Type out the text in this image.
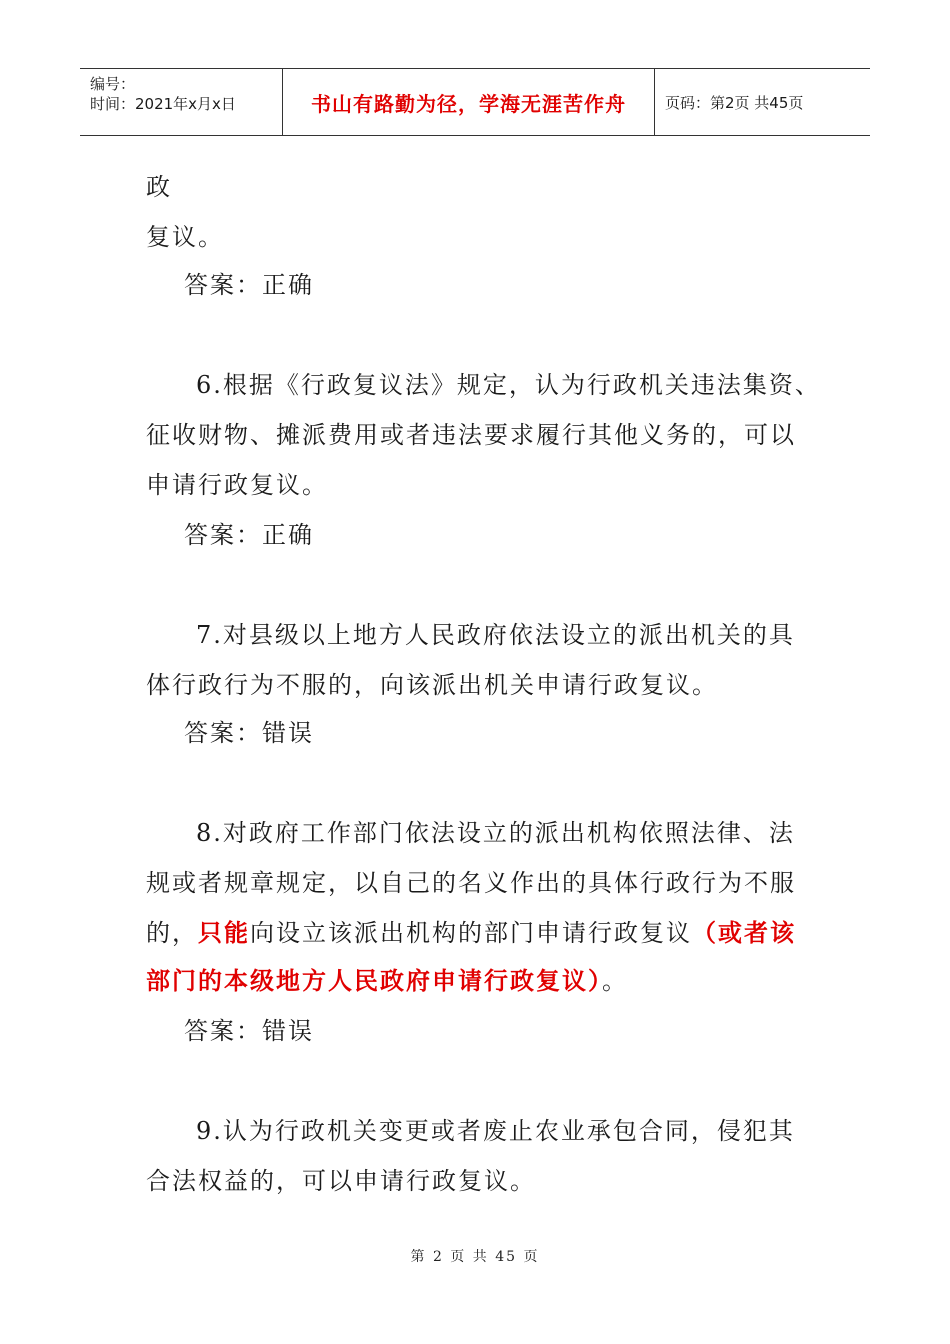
编号：
时间：2021年x月x日	书山有路勤为径，学海无涯苦作舟	页码：第2页 共45页
政
复议。
答案：正确
6.根据《行政复议法》规定，认为行政机关违法集资、
征收财物、摊派费用或者违法要求履行其他义务的，可以
申请行政复议。
答案：正确
7.对县级以上地方人民政府依法设立的派出机关的具
体行政行为不服的，向该派出机关申请行政复议。
答案：错误
8.对政府工作部门依法设立的派出机构依照法律、法
规或者规章规定，以自己的名义作出的具体行政行为不服
的，只能向设立该派出机构的部门申请行政复议（或者该
部门的本级地方人民政府申请行政复议）。
答案：错误
9.认为行政机关变更或者废止农业承包合同，侵犯其
合法权益的，可以申请行政复议。
第 2 页 共 45 页
